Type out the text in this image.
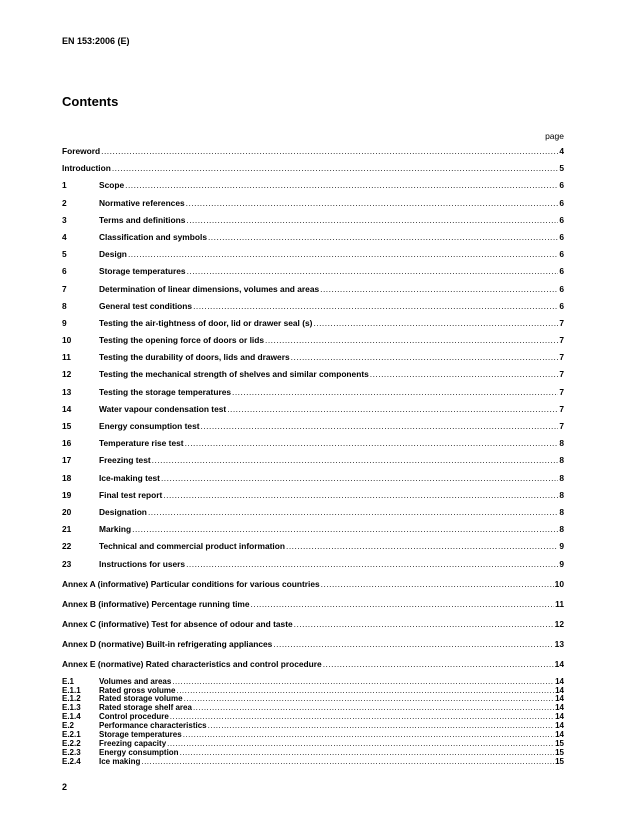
EN 153:2006 (E)
Contents
page
Foreword .....	4
Introduction .....	5
1	Scope .....	6
2	Normative references .....	6
3	Terms and definitions .....	6
4	Classification and symbols .....	6
5	Design .....	6
6	Storage temperatures .....	6
7	Determination of linear dimensions, volumes and areas .....	6
8	General test conditions .....	6
9	Testing the air-tightness of door, lid or drawer seal (s) .....	7
10	Testing the opening force of doors or lids .....	7
11	Testing the durability of doors, lids and drawers .....	7
12	Testing the mechanical strength of shelves and similar components .....	7
13	Testing the storage temperatures .....	7
14	Water vapour condensation test .....	7
15	Energy consumption test .....	7
16	Temperature rise test .....	8
17	Freezing test .....	8
18	Ice-making test .....	8
19	Final test report .....	8
20	Designation .....	8
21	Marking .....	8
22	Technical and commercial product information .....	9
23	Instructions for users .....	9
Annex A (informative) Particular conditions for various countries .....	10
Annex B (informative) Percentage running time .....	11
Annex C (informative) Test for absence of odour and taste .....	12
Annex D (normative) Built-in refrigerating appliances .....	13
Annex E (normative) Rated characteristics and control procedure .....	14
E.1	Volumes and areas .....	14
E.1.1	Rated gross volume .....	14
E.1.2	Rated storage volume .....	14
E.1.3	Rated storage shelf area .....	14
E.1.4	Control procedure .....	14
E.2	Performance characteristics .....	14
E.2.1	Storage temperatures .....	14
E.2.2	Freezing capacity .....	15
E.2.3	Energy consumption .....	15
E.2.4	Ice making .....	15
2
